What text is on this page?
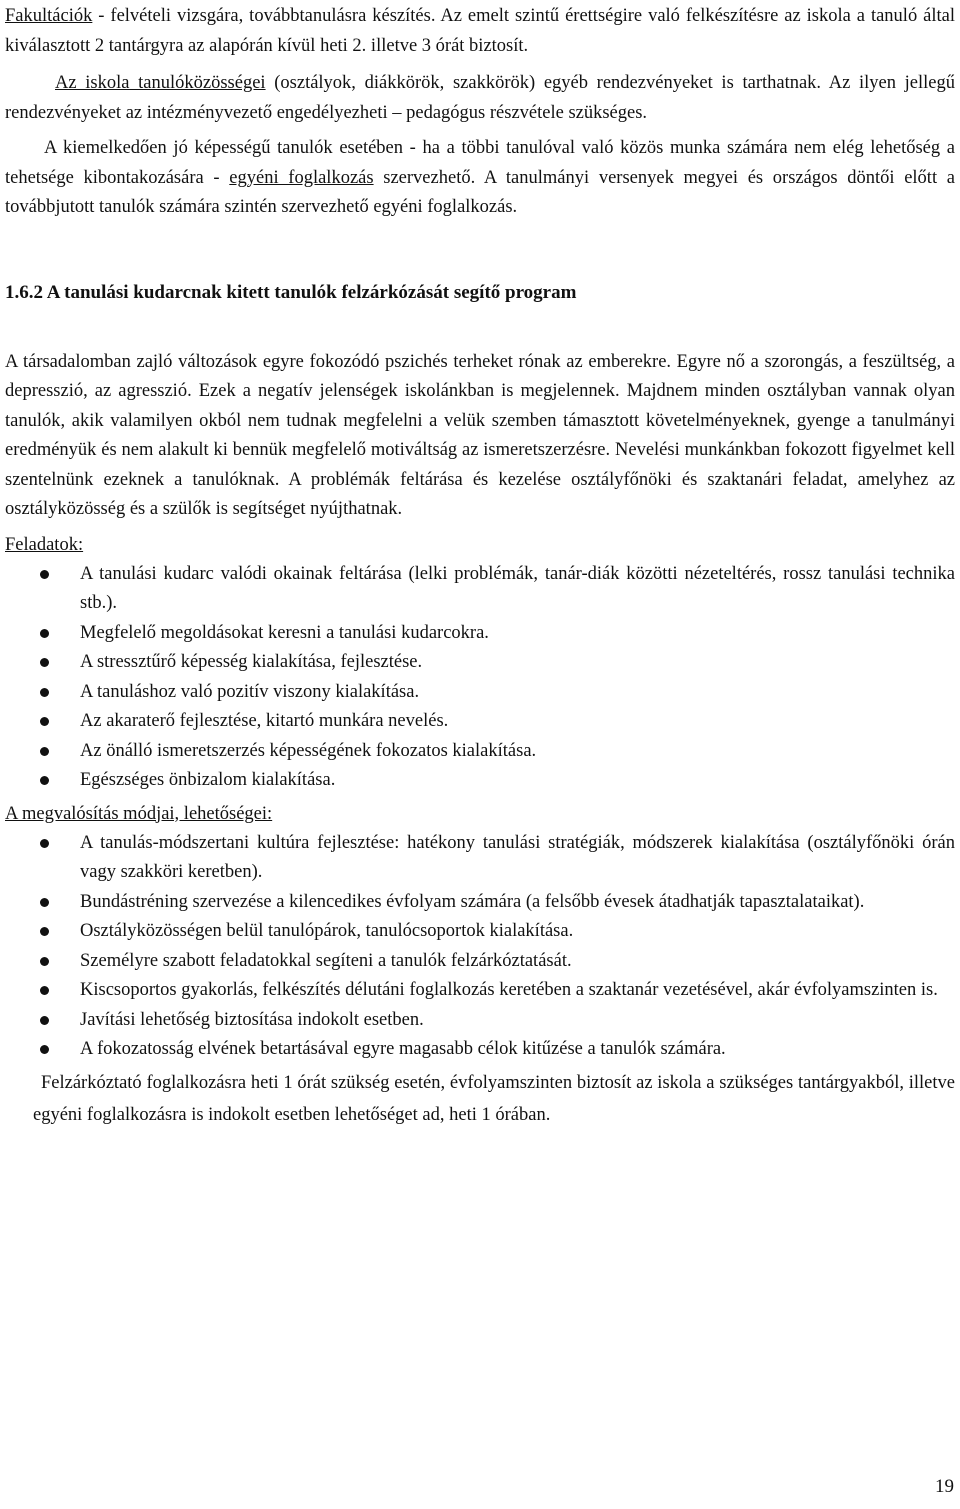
Fakultációk - felvételi vizsgára, továbbtanulásra készítés. Az emelt szintű érettségire való felkészítésre az iskola a tanuló által kiválasztott 2 tantárgyra az alapórán kívül heti 2. illetve 3 órát biztosít.

Az iskola tanulóközösségei (osztályok, diákkörök, szakkörök) egyéb rendezvényeket is tarthatnak. Az ilyen jellegű rendezvényeket az intézményvezető engedélyezheti – pedagógus részvétele szükséges.

A kiemelkedően jó képességű tanulók esetében - ha a többi tanulóval való közös munka számára nem elég lehetőség a tehetsége kibontakozására - egyéni foglalkozás szervezhető. A tanulmányi versenyek megyei és országos döntői előtt a továbbjutott tanulók számára szintén szervezhető egyéni foglalkozás.

1.6.2 A tanulási kudarcnak kitett tanulók felzárkózását segítő program

A társadalomban zajló változások egyre fokozódó pszichés terheket rónak az emberekre. Egyre nő a szorongás, a feszültség, a depresszió, az agresszió. Ezek a negatív jelenségek iskolánkban is megjelennek. Majdnem minden osztályban vannak olyan tanulók, akik valamilyen okból nem tudnak megfelelni a velük szemben támasztott követelményeknek, gyenge a tanulmányi eredményük és nem alakult ki bennük megfelelő motiváltság az ismeretszerzésre. Nevelési munkánkban fokozott figyelmet kell szentelnünk ezeknek a tanulóknak. A problémák feltárása és kezelése osztályfőnöki és szaktanári feladat, amelyhez az osztályközösség és a szülők is segítséget nyújthatnak.

Feladatok:

A tanulási kudarc valódi okainak feltárása (lelki problémák, tanár-diák közötti nézeteltérés, rossz tanulási technika stb.).
Megfelelő megoldásokat keresni a tanulási kudarcokra.
A stressztűrő képesség kialakítása, fejlesztése.
A tanuláshoz való pozitív viszony kialakítása.
Az akaraterő fejlesztése, kitartó munkára nevelés.
Az önálló ismeretszerzés képességének fokozatos kialakítása.
Egészséges önbizalom kialakítása.

A megvalósítás módjai, lehetőségei:

A tanulás-módszertani kultúra fejlesztése: hatékony tanulási stratégiák, módszerek kialakítása (osztályfőnöki órán vagy szakköri keretben).
Bundástréning szervezése a kilencedikes évfolyam számára (a felsőbb évesek átadhatják tapasztalataikat).
Osztályközösségen belül tanulópárok, tanulócsoportok kialakítása.
Személyre szabott feladatokkal segíteni a tanulók felzárkóztatását.
Kiscsoportos gyakorlás, felkészítés délutáni foglalkozás keretében a szaktanár vezetésével, akár évfolyamszinten is.
Javítási lehetőség biztosítása indokolt esetben.
A fokozatosság elvének betartásával egyre magasabb célok kitűzése a tanulók számára.

Felzárkóztató foglalkozásra heti 1 órát szükség esetén, évfolyamszinten biztosít az iskola a szükséges tantárgyakból, illetve egyéni foglalkozásra is indokolt esetben lehetőséget ad, heti 1 órában.

19
